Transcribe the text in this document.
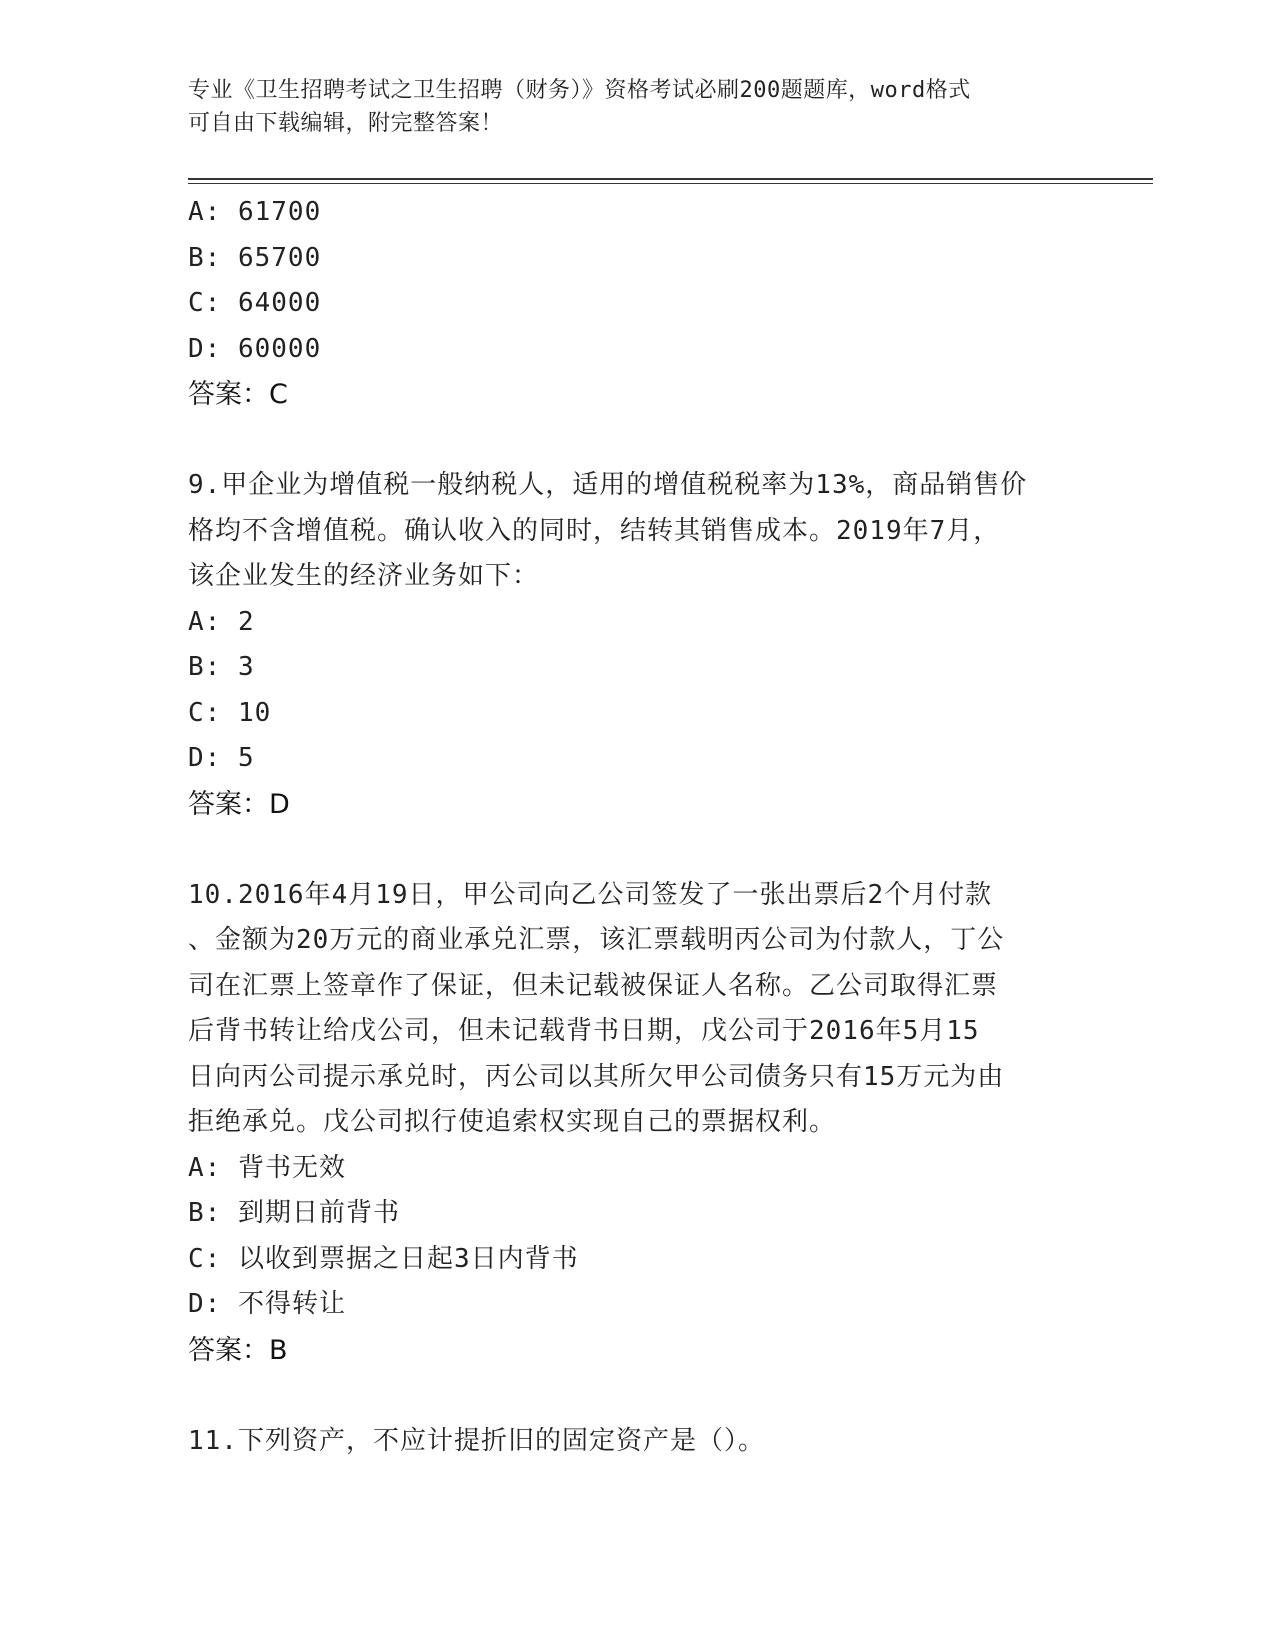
专业《卫生招聘考试之卫生招聘（财务）》资格考试必刷200题题库，word格式
可自由下载编辑，附完整答案！
A: 61700
B: 65700
C: 64000
D: 60000
答案：C
9.甲企业为增值税一般纳税人，适用的增值税税率为13%，商品销售价
格均不含增值税。确认收入的同时，结转其销售成本。2019年7月，
该企业发生的经济业务如下：
A: 2
B: 3
C: 10
D: 5
答案：D
10.2016年4月19日，甲公司向乙公司签发了一张出票后2个月付款
、金额为20万元的商业承兑汇票，该汇票载明丙公司为付款人，丁公
司在汇票上签章作了保证，但未记载被保证人名称。乙公司取得汇票
后背书转让给戊公司，但未记载背书日期，戊公司于2016年5月15
日向丙公司提示承兑时，丙公司以其所欠甲公司债务只有15万元为由
拒绝承兑。戊公司拟行使追索权实现自己的票据权利。
A: 背书无效
B: 到期日前背书
C: 以收到票据之日起3日内背书
D: 不得转让
答案：B
11.下列资产，不应计提折旧的固定资产是（）。
